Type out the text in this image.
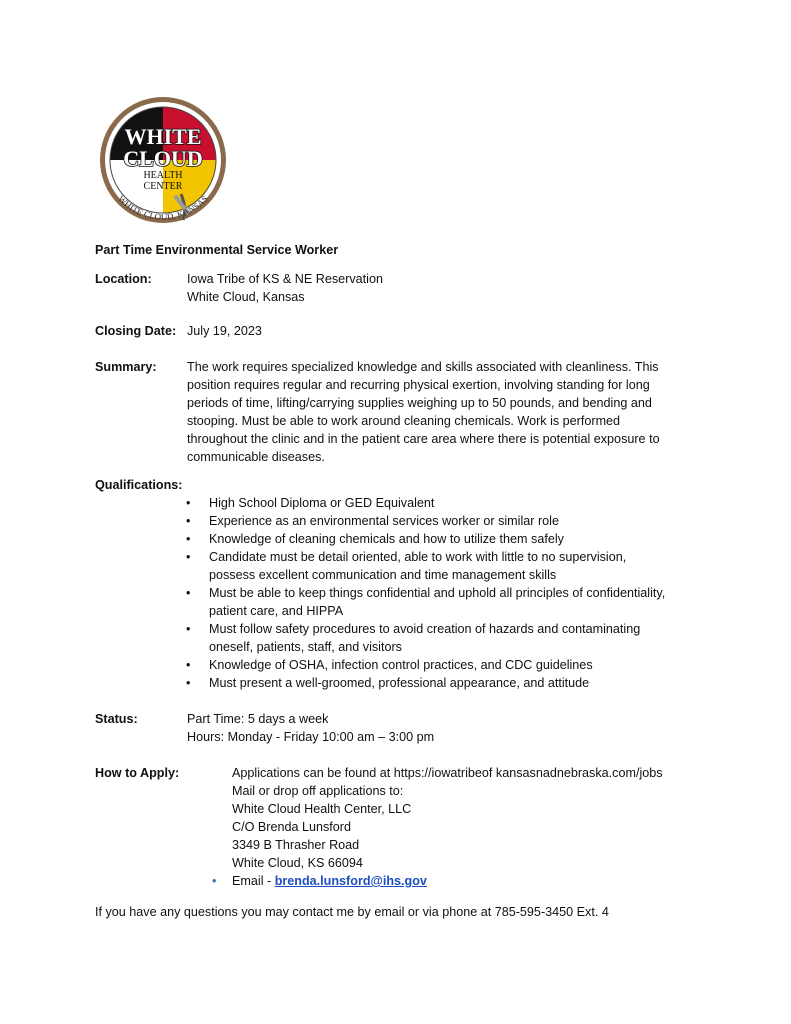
WHITE
CLOUD
HEALTH
CENTER
WHITE CLOUD, KANSAS
Part Time Environmental Service Worker
Location:	Iowa Tribe of KS & NE Reservation
White Cloud, Kansas
Closing Date: July 19, 2023
Summary: The work requires specialized knowledge and skills associated with cleanliness. This
position requires regular and recurring physical exertion, involving standing for long
periods of time, lifting/carrying supplies weighing up to 50 pounds, and bending and
stooping. Must be able to work around cleaning chemicals. Work is performed
throughout the clinic and in the patient care area where there is potential exposure to
communicable diseases.
Qualifications:
• High School Diploma or GED Equivalent
• Experience as an environmental services worker or similar role
• Knowledge of cleaning chemicals and how to utilize them safely
• Candidate must be detail oriented, able to work with little to no supervision,
possess excellent communication and time management skills
• Must be able to keep things confidential and uphold all principles of confidentiality,
patient care, and HIPPA
• Must follow safety procedures to avoid creation of hazards and contaminating
oneself, patients, staff, and visitors
• Knowledge of OSHA, infection control practices, and CDC guidelines
• Must present a well-groomed, professional appearance, and attitude
Status:	Part Time: 5 days a week
Hours: Monday - Friday 10:00 am – 3:00 pm
How to Apply:	Applications can be found at https://iowatribeof kansasnadnebraska.com/jobs
Mail or drop off applications to:
White Cloud Health Center, LLC
C/O Brenda Lunsford
3349 B Thrasher Road
White Cloud, KS 66094
• Email - brenda.lunsford@ihs.gov
If you have any questions you may contact me by email or via phone at 785-595-3450 Ext. 4
